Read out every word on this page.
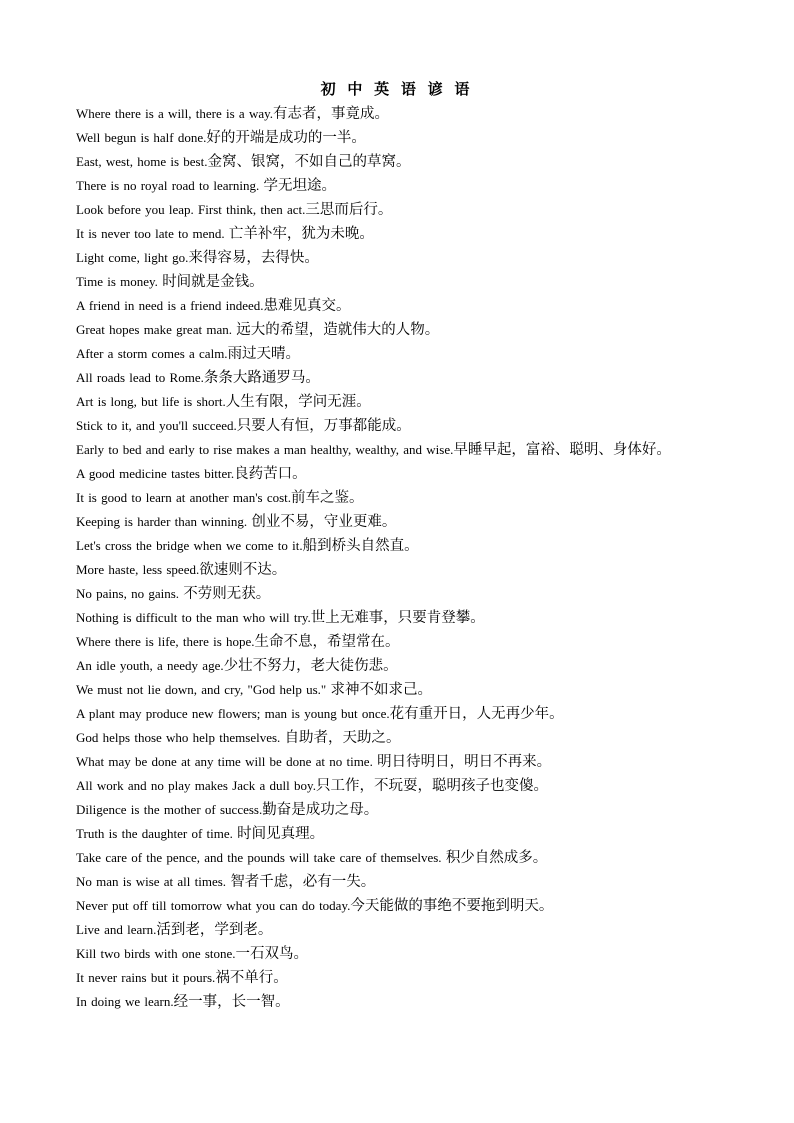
初 中 英 语 谚 语
Where there is a will, there is a way.有志者，事竟成。
Well begun is half done.好的开端是成功的一半。
East, west, home is best.金窝、银窝，不如自己的草窝。
There is no royal road to learning. 学无坦途。
Look before you leap. First think, then act.三思而后行。
It is never too late to mend. 亡羊补牢，犹为未晚。
Light come, light go.来得容易，去得快。
Time is money. 时间就是金钱。
A friend in need is a friend indeed.患难见真交。
Great hopes make great man. 远大的希望，造就伟大的人物。
After a storm comes a calm.雨过天晴。
All roads lead to Rome.条条大路通罗马。
Art is long, but life is short.人生有限，学问无涯。
Stick to it, and you'll succeed.只要人有恒，万事都能成。
Early to bed and early to rise makes a man healthy, wealthy, and wise.早睡早起，富裕、聪明、身体好。
A good medicine tastes bitter.良药苦口。
It is good to learn at another man's cost.前车之鉴。
Keeping is harder than winning. 创业不易，守业更难。
Let's cross the bridge when we come to it.船到桥头自然直。
More haste, less speed.欲速则不达。
No pains, no gains. 不劳则无获。
Nothing is difficult to the man who will try.世上无难事，只要肯登攀。
Where there is life, there is hope.生命不息，希望常在。
An idle youth, a needy age.少壮不努力，老大徒伤悲。
We must not lie down, and cry, "God help us." 求神不如求己。
A plant may produce new flowers; man is young but once.花有重开日，人无再少年。
God helps those who help themselves. 自助者，天助之。
What may be done at any time will be done at no time. 明日待明日，明日不再来。
All work and no play makes Jack a dull boy.只工作，不玩耍，聪明孩子也变傻。
Diligence is the mother of success.勤奋是成功之母。
Truth is the daughter of time. 时间见真理。
Take care of the pence, and the pounds will take care of themselves. 积少自然成多。
No man is wise at all times. 智者千虑，必有一失。
Never put off till tomorrow what you can do today.今天能做的事绝不要拖到明天。
Live and learn.活到老，学到老。
Kill two birds with one stone.一石双鸟。
It never rains but it pours.祸不单行。
In doing we learn.经一事，长一智。
